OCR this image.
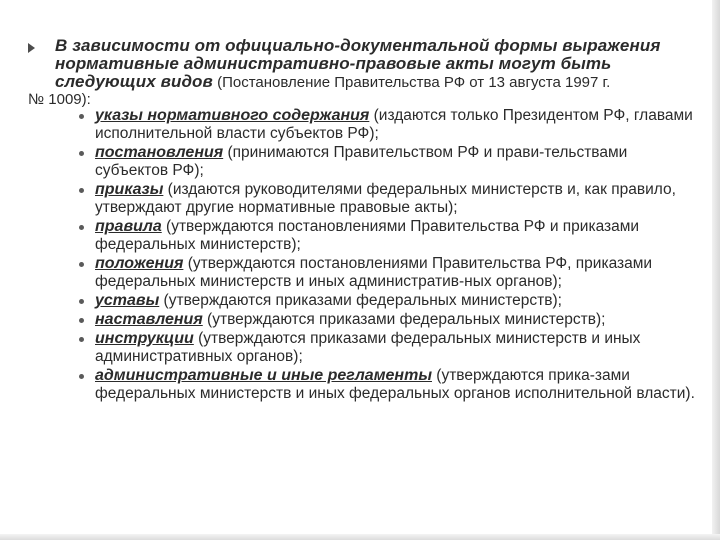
В зависимости от официально-документальной формы выражения нормативные административно-правовые акты могут быть следующих видов (Постановление Правительства РФ от 13 августа 1997 г.
№ 1009):
указы нормативного содержания (издаются только Президентом РФ, главами исполнительной власти субъектов РФ);
постановления (принимаются Правительством РФ и прави-тельствами субъектов РФ);
приказы (издаются руководителями федеральных министерств и, как правило, утверждают другие нормативные правовые акты);
правила (утверждаются постановлениями Правительства РФ и приказами федеральных министерств);
положения (утверждаются постановлениями Правительства РФ, приказами федеральных министерств и иных административ-ных органов);
уставы (утверждаются приказами федеральных министерств);
наставления (утверждаются приказами федеральных министерств);
инструкции (утверждаются приказами федеральных министерств и иных административных органов);
административные и иные регламенты (утверждаются прика-зами федеральных министерств и иных федеральных органов исполнительной власти).
